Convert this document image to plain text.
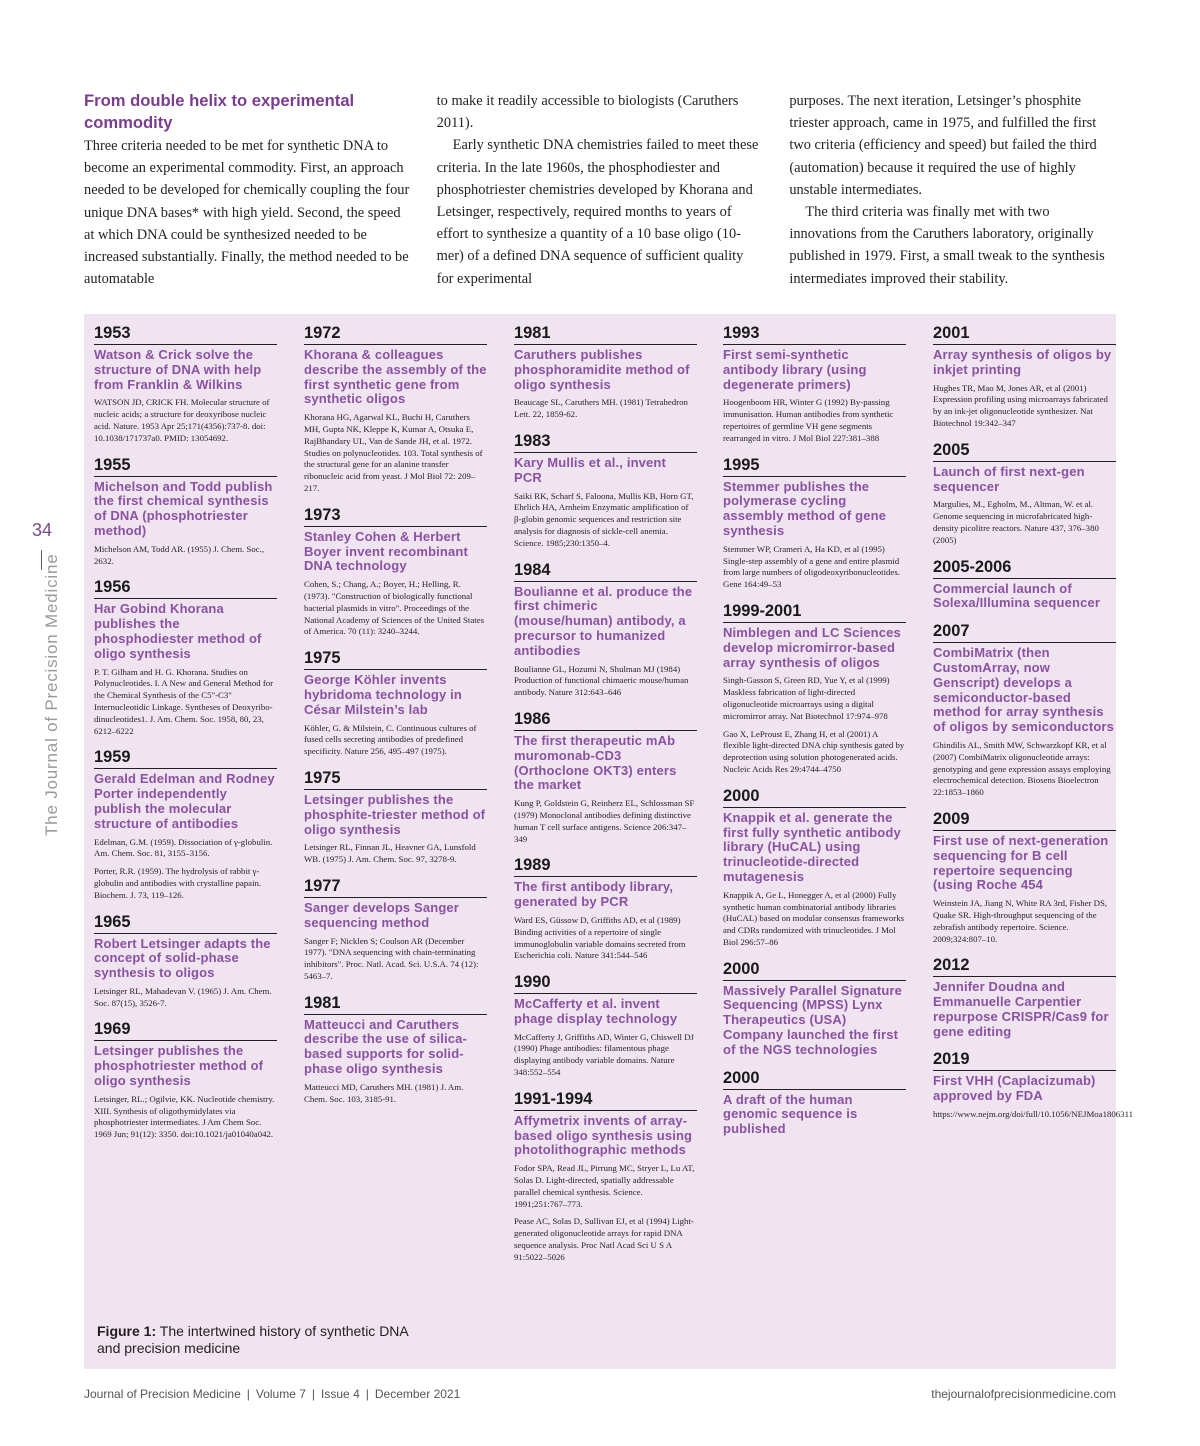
34
The Journal of Precision Medicine
From double helix to experimental commodity

Three criteria needed to be met for synthetic DNA to become an experimental commodity. First, an approach needed to be developed for chemically coupling the four unique DNA bases* with high yield. Second, the speed at which DNA could be synthesized needed to be increased substantially. Finally, the method needed to be automatable

to make it readily accessible to biologists (Caruthers 2011).

Early synthetic DNA chemistries failed to meet these criteria. In the late 1960s, the phosphodiester and phosphotriester chemistries developed by Khorana and Letsinger, respectively, required months to years of effort to synthesize a quantity of a 10 base oligo (10-mer) of a defined DNA sequence of sufficient quality for experimental

purposes. The next iteration, Letsinger’s phosphite triester approach, came in 1975, and fulfilled the first two criteria (efficiency and speed) but failed the third (automation) because it required the use of highly unstable intermediates.

The third criteria was finally met with two innovations from the Caruthers laboratory, originally published in 1979. First, a small tweak to the synthesis intermediates improved their stability.

Figure 1: The intertwined history of synthetic DNA and precision medicine
1953
Watson & Crick solve the structure of DNA with help from Franklin & Wilkins
WATSON JD, CRICK FH. Molecular structure of nucleic acids; a structure for deoxyribose nucleic acid. Nature. 1953 Apr 25;171(4356):737-8. doi: 10.1038/171737a0. PMID: 13054692.
1955
Michelson and Todd publish the first chemical synthesis of DNA (phosphotriester method)
Michelson AM, Todd AR. (1955) J. Chem. Soc., 2632.
1956
Har Gobind Khorana publishes the phosphodiester method of oligo synthesis
P. T. Gilham and H. G. Khorana. Studies on Polynucleotides. I. A New and General Method for the Chemical Synthesis of the C5"-C3" Internucleotidic Linkage. Syntheses of Deoxyribo-dinucleotides1. J. Am. Chem. Soc. 1958, 80, 23, 6212–6222
1959
Gerald Edelman and Rodney Porter independently publish the molecular structure of antibodies
Edelman, G.M. (1959). Dissociation of γ-globulin. Am. Chem. Soc. 81, 3155–3156.
Porter, R.R. (1959). The hydrolysis of rabbit γ-globulin and antibodies with crystalline papain. Biochem. J. 73, 119–126.
1965
Robert Letsinger adapts the concept of solid-phase synthesis to oligos
Letsinger RL, Mahadevan V. (1965) J. Am. Chem. Soc. 87(15), 3526-7.
1969
Letsinger publishes the phosphotriester method of oligo synthesis
Letsinger, RL.; Ogilvie, KK. Nucleotide chemistry. XIII. Synthesis of oligothymidylates via phosphotriester intermediates. J Am Chem Soc. 1969 Jun; 91(12): 3350. doi:10.1021/ja01040a042.
1972
Khorana & colleagues describe the assembly of the first synthetic gene from synthetic oligos
Khorana HG, Agarwal KL, Buchi H, Caruthers MH, Gupta NK, Kleppe K, Kumar A, Otsuka E, RajBhandary UL, Van de Sande JH, et al. 1972. Studies on polynucleotides. 103. Total synthesis of the structural gene for an alanine transfer ribonucleic acid from yeast. J Mol Biol 72: 209–217.
1973
Stanley Cohen & Herbert Boyer invent recombinant DNA technology
Cohen, S.; Chang, A.; Boyer, H.; Helling, R. (1973). "Construction of biologically functional bacterial plasmids in vitro". Proceedings of the National Academy of Sciences of the United States of America. 70 (11): 3240–3244.
1975
George Köhler invents hybridoma technology in César Milstein’s lab
Köhler, G. & Milstein, C. Continuous cultures of fused cells secreting antibodies of predefined specificity. Nature 256, 495–497 (1975).
1975
Letsinger publishes the phosphite-triester method of oligo synthesis
Letsinger RL, Finnan JL, Heavner GA, Lunsfold WB. (1975) J. Am. Chem. Soc. 97, 3278-9.
1977
Sanger develops Sanger sequencing method
Sanger F; Nicklen S; Coulson AR (December 1977). "DNA sequencing with chain-terminating inhibitors". Proc. Natl. Acad. Sci. U.S.A. 74 (12): 5463–7.
1981
Matteucci and Caruthers describe the use of silica-based supports for solid-phase oligo synthesis
Matteucci MD, Caruthers MH. (1981) J. Am. Chem. Soc. 103, 3185-91.
1981
Caruthers publishes phosphoramidite method of oligo synthesis
Beaucage SL, Caruthers MH. (1981) Tetrahedron Lett. 22, 1859-62.
1983
Kary Mullis et al., invent PCR
Saiki RK, Scharf S, Faloona, Mullis KB, Horn GT, Ehrlich HA, Arnheim Enzymatic amplification of β-globin genomic sequences and restriction site analysis for diagnosis of sickle-cell anemia. Science. 1985;230:1350–4.
1984
Boulianne et al. produce the first chimeric (mouse/human) antibody, a precursor to humanized antibodies
Boulianne GL, Hozumi N, Shulman MJ (1984) Production of functional chimaeric mouse/human antibody. Nature 312:643–646
1986
The first therapeutic mAb muromonab-CD3 (Orthoclone OKT3) enters the market
Kung P, Goldstein G, Reinherz EL, Schlossman SF (1979) Monoclonal antibodies defining distinctive human T cell surface antigens. Science 206:347–349
1989
The first antibody library, generated by PCR
Ward ES, Güssow D, Griffiths AD, et al (1989) Binding activities of a repertoire of single immunoglobulin variable domains secreted from Escherichia coli. Nature 341:544–546
1990
McCafferty et al. invent phage display technology
McCafferty J, Griffiths AD, Winter G, Chiswell DJ (1990) Phage antibodies: filamentous phage displaying antibody variable domains. Nature 348:552–554
1991-1994
Affymetrix invents of array-based oligo synthesis using photolithographic methods
Fodor SPA, Read JL, Pirrung MC, Stryer L, Lu AT, Solas D. Light-directed, spatially addressable parallel chemical synthesis. Science. 1991;251:767–773.
Pease AC, Solas D, Sullivan EJ, et al (1994) Light-generated oligonucleotide arrays for rapid DNA sequence analysis. Proc Natl Acad Sci U S A 91:5022–5026
1993
First semi-synthetic antibody library (using degenerate primers)
Hoogenboom HR, Winter G (1992) By-passing immunisation. Human antibodies from synthetic repertoires of germline VH gene segments rearranged in vitro. J Mol Biol 227:381–388
1995
Stemmer publishes the polymerase cycling assembly method of gene synthesis
Stemmer WP, Crameri A, Ha KD, et al (1995) Single-step assembly of a gene and entire plasmid from large numbers of oligodeoxyribonucleotides. Gene 164:49–53
1999-2001
Nimblegen and LC Sciences develop micromirror-based array synthesis of oligos
Singh-Gasson S, Green RD, Yue Y, et al (1999) Maskless fabrication of light-directed oligonucleotide microarrays using a digital micromirror array. Nat Biotechnol 17:974–978
Gao X, LeProust E, Zhang H, et al (2001) A flexible light-directed DNA chip synthesis gated by deprotection using solution photogenerated acids. Nucleic Acids Res 29:4744–4750
2000
Knappik et al. generate the first fully synthetic antibody library (HuCAL) using trinucleotide-directed mutagenesis
Knappik A, Ge L, Honegger A, et al (2000) Fully synthetic human combinatorial antibody libraries (HuCAL) based on modular consensus frameworks and CDRs randomized with trinucleotides. J Mol Biol 296:57–86
2000
Massively Parallel Signature Sequencing (MPSS) Lynx Therapeutics (USA) Company launched the first of the NGS technologies
2000
A draft of the human genomic sequence is published
2001
Array synthesis of oligos by inkjet printing
Hughes TR, Mao M, Jones AR, et al (2001) Expression profiling using microarrays fabricated by an ink-jet oligonucleotide synthesizer. Nat Biotechnol 19:342–347
2005
Launch of first next-gen sequencer
Margulies, M., Egholm, M., Altman, W. et al. Genome sequencing in microfabricated high-density picolitre reactors. Nature 437, 376–380 (2005)
2005-2006
Commercial launch of Solexa/Illumina sequencer
2007
CombiMatrix (then CustomArray, now Genscript) develops a semiconductor-based method for array synthesis of oligos by semiconductors
Ghindilis AL, Smith MW, Schwarzkopf KR, et al (2007) CombiMatrix oligonucleotide arrays: genotyping and gene expression assays employing electrochemical detection. Biosens Bioelectron 22:1853–1860
2009
First use of next-generation sequencing for B cell repertoire sequencing (using Roche 454
Weinstein JA, Jiang N, White RA 3rd, Fisher DS, Quake SR. High-throughput sequencing of the zebrafish antibody repertoire. Science. 2009;324:807–10.
2012
Jennifer Doudna and Emmanuelle Carpentier repurpose CRISPR/Cas9 for gene editing
2019
First VHH (Caplacizumab) approved by FDA
https://www.nejm.org/doi/full/10.1056/NEJMoa1806311
Journal of Precision Medicine | Volume 7 | Issue 4 | December 2021	thejournalofprecisionmedicine.com
